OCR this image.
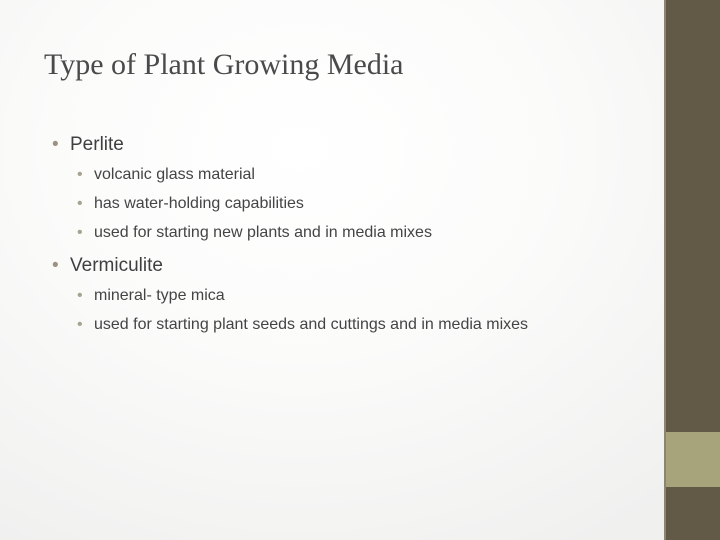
Type of Plant Growing Media
• Perlite
• volcanic glass material
• has water-holding capabilities
• used for starting new plants and in media mixes
• Vermiculite
• mineral- type mica
• used for starting plant seeds and cuttings and in media mixes
